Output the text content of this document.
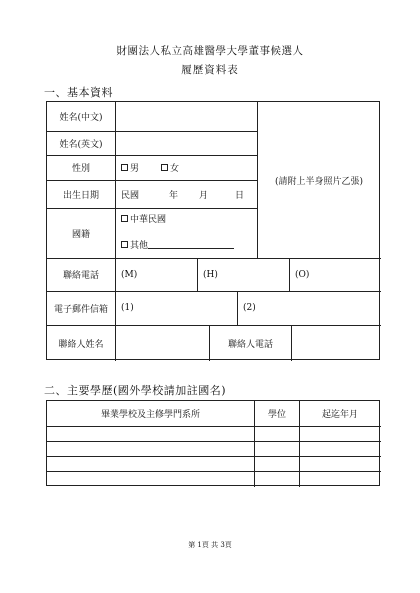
財團法人私立高雄醫學大學董事候選人
履歷資料表
一、基本資料
姓名(中文)
姓名(英文)
性別	男	女
(請附上半身照片乙張)
出生日期	民國	年	月	日
國籍
中華民國
其他
聯絡電話	(M)	(H)	(O)
電子郵件信箱	(1)	(2)
聯絡人姓名	聯絡人電話
二、主要學歷(國外學校請加註國名)
畢業學校及主修學門系所	學位	起迄年月
第 1頁 共 3頁
